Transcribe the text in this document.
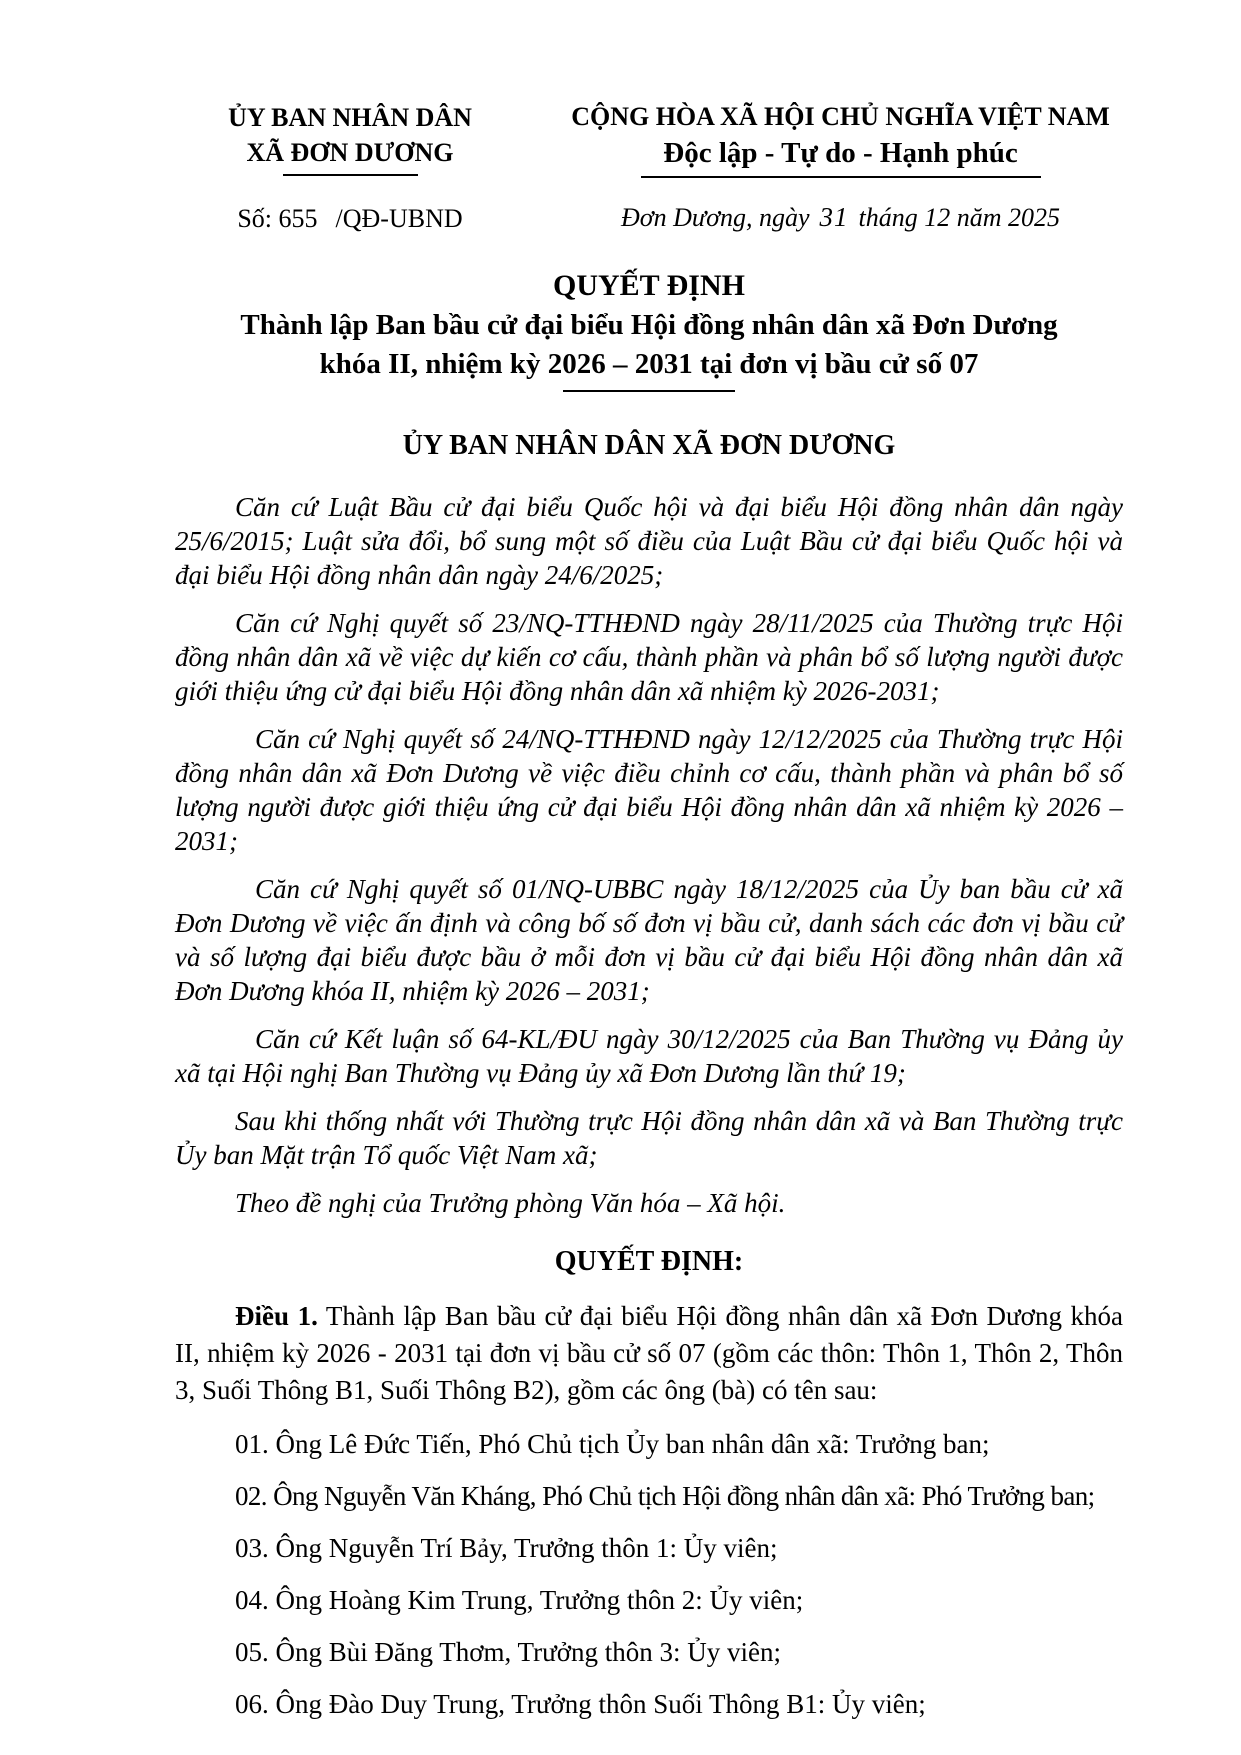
ỦY BAN NHÂN DÂN
XÃ ĐƠN DƯƠNG
Số: 655 /QĐ-UBND
CỘNG HÒA XÃ HỘI CHỦ NGHĨA VIỆT NAM
Độc lập - Tự do - Hạnh phúc
Đơn Dương, ngày 31 tháng 12 năm 2025
QUYẾT ĐỊNH
Thành lập Ban bầu cử đại biểu Hội đồng nhân dân xã Đơn Dương
khóa II, nhiệm kỳ 2026 – 2031 tại đơn vị bầu cử số 07
ỦY BAN NHÂN DÂN XÃ ĐƠN DƯƠNG
Căn cứ Luật Bầu cử đại biểu Quốc hội và đại biểu Hội đồng nhân dân ngày 25/6/2015; Luật sửa đổi, bổ sung một số điều của Luật Bầu cử đại biểu Quốc hội và đại biểu Hội đồng nhân dân ngày 24/6/2025;
Căn cứ Nghị quyết số 23/NQ-TTHĐND ngày 28/11/2025 của Thường trực Hội đồng nhân dân xã về việc dự kiến cơ cấu, thành phần và phân bổ số lượng người được giới thiệu ứng cử đại biểu Hội đồng nhân dân xã nhiệm kỳ 2026-2031;
Căn cứ Nghị quyết số 24/NQ-TTHĐND ngày 12/12/2025 của Thường trực Hội đồng nhân dân xã Đơn Dương về việc điều chỉnh cơ cấu, thành phần và phân bổ số lượng người được giới thiệu ứng cử đại biểu Hội đồng nhân dân xã nhiệm kỳ 2026 – 2031;
Căn cứ Nghị quyết số 01/NQ-UBBC ngày 18/12/2025 của Ủy ban bầu cử xã Đơn Dương về việc ấn định và công bố số đơn vị bầu cử, danh sách các đơn vị bầu cử và số lượng đại biểu được bầu ở mỗi đơn vị bầu cử đại biểu Hội đồng nhân dân xã Đơn Dương khóa II, nhiệm kỳ 2026 – 2031;
Căn cứ Kết luận số 64-KL/ĐU ngày 30/12/2025 của Ban Thường vụ Đảng ủy xã tại Hội nghị Ban Thường vụ Đảng ủy xã Đơn Dương lần thứ 19;
Sau khi thống nhất với Thường trực Hội đồng nhân dân xã và Ban Thường trực Ủy ban Mặt trận Tổ quốc Việt Nam xã;
Theo đề nghị của Trưởng phòng Văn hóa – Xã hội.
QUYẾT ĐỊNH:
Điều 1. Thành lập Ban bầu cử đại biểu Hội đồng nhân dân xã Đơn Dương khóa II, nhiệm kỳ 2026 - 2031 tại đơn vị bầu cử số 07 (gồm các thôn: Thôn 1, Thôn 2, Thôn 3, Suối Thông B1, Suối Thông B2), gồm các ông (bà) có tên sau:
01. Ông Lê Đức Tiến, Phó Chủ tịch Ủy ban nhân dân xã: Trưởng ban;
02. Ông Nguyễn Văn Kháng, Phó Chủ tịch Hội đồng nhân dân xã: Phó Trưởng ban;
03. Ông Nguyễn Trí Bảy, Trưởng thôn 1: Ủy viên;
04. Ông Hoàng Kim Trung, Trưởng thôn 2: Ủy viên;
05. Ông Bùi Đăng Thơm, Trưởng thôn 3: Ủy viên;
06. Ông Đào Duy Trung, Trưởng thôn Suối Thông B1: Ủy viên;
